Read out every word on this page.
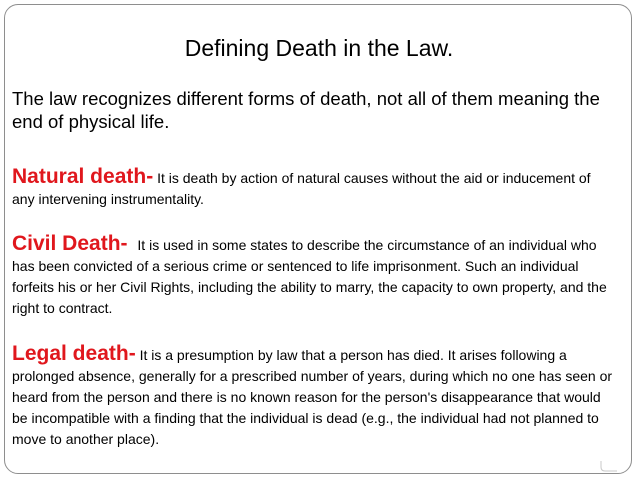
Defining Death in the Law.
The law recognizes different forms of death, not all of them meaning the end of physical life.
Natural death- It is death by action of natural causes without the aid or inducement of any intervening instrumentality.
Civil Death- It is used in some states to describe the circumstance of an individual who has been convicted of a serious crime or sentenced to life imprisonment. Such an individual forfeits his or her Civil Rights, including the ability to marry, the capacity to own property, and the right to contract.
Legal death- It is a presumption by law that a person has died. It arises following a prolonged absence, generally for a prescribed number of years, during which no one has seen or heard from the person and there is no known reason for the person's disappearance that would be incompatible with a finding that the individual is dead (e.g., the individual had not planned to move to another place).
